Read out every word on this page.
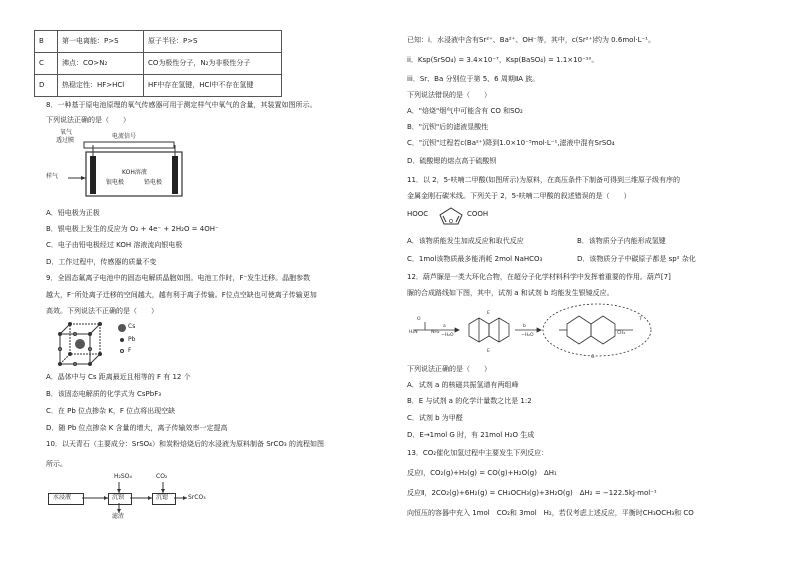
B	第一电离能：P>S	原子半径：P>S
C	沸点：CO>N₂	CO为极性分子，N₂为非极性分子
D	热稳定性：HF>HCl	HF中存在氢键，HCl中不存在氢键
8．一种基于原电池原理的氧气传感器可用于测定样气中氧气的含量，其装置如图所示。
下列说法正确的是（　　）
氧气
透过膜
电流信号
样气
KOH溶液
银电极	铅电极
A．铅电极为正极
B．银电极上发生的反应为 O₂ + 4e⁻ + 2H₂O = 4OH⁻
C．电子由铅电极经过 KOH 溶液流向银电极
D．工作过程中，传感器的质量不变
9．全固态氟离子电池中的固态电解质晶胞如图。电池工作时，F⁻发生迁移。晶胞参数
越大，F⁻所处离子迁移的空间越大，越有利于离子传输。F位点空缺也可使离子传输更加
高效。下列说法不正确的是（　　）
Cs
Pb
F
A．晶体中与 Cs 距离最近且相等的 F 有 12 个
B．该固态电解质的化学式为 CsPbF₃
C．在 Pb 位点掺杂 K，F 位点将出现空缺
D．随 Pb 位点掺杂 K 含量的增大，离子传输效率一定提高
10．以天青石（主要成分：SrSO₄）和炭粉焙烧后的水浸液为原料制备 SrCO₃ 的流程如图
所示。
H₂SO₄	CO₂
水浸液	沉钡	沉锶	SrCO₃
滤渣
已知：i．水浸液中含有Sr²⁺、Ba²⁺、OH⁻等，其中，c(Sr²⁺)约为 0.6mol·L⁻¹。
ii．Ksp(SrSO₄) = 3.4×10⁻⁷，Ksp(BaSO₄) = 1.1×10⁻¹⁰。
iii．Sr、Ba 分别位于第 5、6 周期ⅡA 族。
下列说法错误的是（　　）
A．"焙烧"烟气中可能含有 CO 和SO₂
B．"沉钡"后的滤液显酸性
C．"沉钡"过程若c(Ba²⁺)降到1.0×10⁻⁵mol·L⁻¹,滤液中混有SrSO₄
D．硫酸锶的熔点高于硫酸钡
11．以 2，5-呋喃二甲酸(如图所示)为原料，在高压条件下制备可得到三维原子级有序的
金属金刚石碳米线。下列关于 2，5-呋喃二甲酸的叙述错误的是（　　）
HOOC
O
COOH
A．该物质能发生加成反应和取代反应	B．该物质分子内能形成氢键
C．1mol该物质最多能消耗 2mol NaHCO₃	D．该物质分子中碳原子都是 sp² 杂化
12．葫芦脲是一类大环化合物，在超分子化学材料科学中发挥着重要的作用。葫芦[7]
脲的合成路线如下图，其中，试剂 a 和试剂 b 均能发生银镜反应。
O
H₂N	NH₂
a
−H₂O
E
E
b
−H₂O	CH₂
7
G
下列说法正确的是（　　）
A．试剂 a 的核磁共振氢谱有两组峰
B．E 与试剂 a 的化学计量数之比是 1:2
C．试剂 b 为甲醛
D．E→1mol G 时，有 21mol H₂O 生成
13．CO₂催化加氢过程中主要发生下列反应：
反应Ⅰ，CO₂(g)+H₂(g) = CO(g)+H₂O(g)　ΔH₁
反应Ⅱ，2CO₂(g)+6H₂(g) = CH₃OCH₃(g)+3H₂O(g)　ΔH₂ = −122.5kJ·mol⁻¹
向恒压的容器中充入 1mol　CO₂和 3mol　H₂，若仅考虑上述反应，平衡时CH₃OCH₃和 CO
